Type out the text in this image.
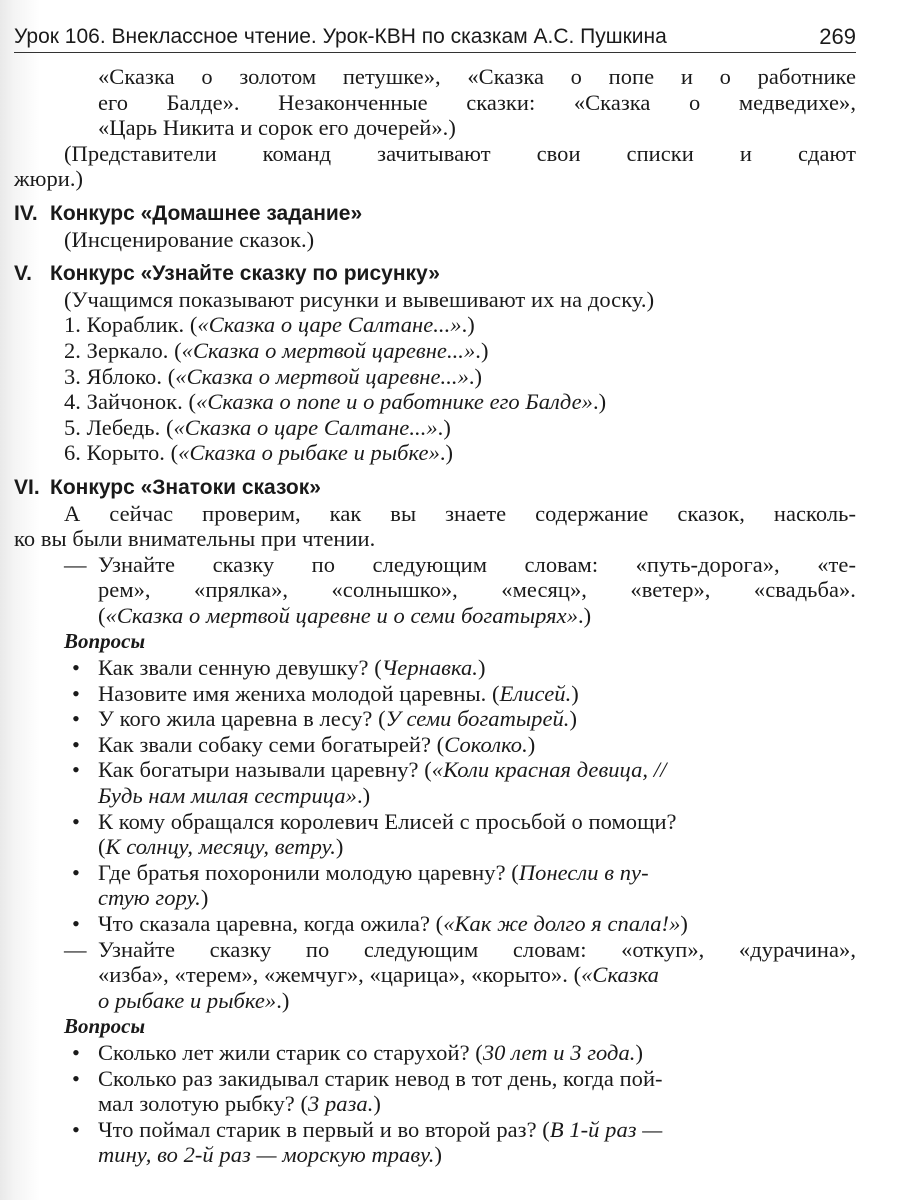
Урок 106. Внеклассное чтение. Урок-КВН по сказкам А.С. Пушкина	269
«Сказка о золотом петушке», «Сказка о попе и о работнике
его Балде». Незаконченные сказки: «Сказка о медведихе»,
«Царь Никита и сорок его дочерей».)
(Представители команд зачитывают свои списки и сдают
жюри.)
IV. Конкурс «Домашнее задание»
(Инсценирование сказок.)
V. Конкурс «Узнайте сказку по рисунку»
(Учащимся показывают рисунки и вывешивают их на доску.)
1. Кораблик. («Сказка о царе Салтане...».)
2. Зеркало. («Сказка о мертвой царевне...».)
3. Яблоко. («Сказка о мертвой царевне...».)
4. Зайчонок. («Сказка о попе и о работнике его Балде».)
5. Лебедь. («Сказка о царе Салтане...».)
6. Корыто. («Сказка о рыбаке и рыбке».)
VI. Конкурс «Знатоки сказок»
А сейчас проверим, как вы знаете содержание сказок, насколь-
ко вы были внимательны при чтении.
— Узнайте сказку по следующим словам: «путь-дорога», «те-
рем», «прялка», «солнышко», «месяц», «ветер», «свадьба».
(«Сказка о мертвой царевне и о семи богатырях».)
Вопросы
• Как звали сенную девушку? (Чернавка.)
• Назовите имя жениха молодой царевны. (Елисей.)
• У кого жила царевна в лесу? (У семи богатырей.)
• Как звали собаку семи богатырей? (Соколко.)
• Как богатыри называли царевну? («Коли красная девица, //
Будь нам милая сестрица».)
• К кому обращался королевич Елисей с просьбой о помощи?
(К солнцу, месяцу, ветру.)
• Где братья похоронили молодую царевну? (Понесли в пу-
стую гору.)
• Что сказала царевна, когда ожила? («Как же долго я спала!»)
— Узнайте сказку по следующим словам: «откуп», «дурачина»,
«изба», «терем», «жемчуг», «царица», «корыто». («Сказка
о рыбаке и рыбке».)
Вопросы
• Сколько лет жили старик со старухой? (30 лет и 3 года.)
• Сколько раз закидывал старик невод в тот день, когда пой-
мал золотую рыбку? (3 раза.)
• Что поймал старик в первый и во второй раз? (В 1-й раз —
тину, во 2-й раз — морскую траву.)
